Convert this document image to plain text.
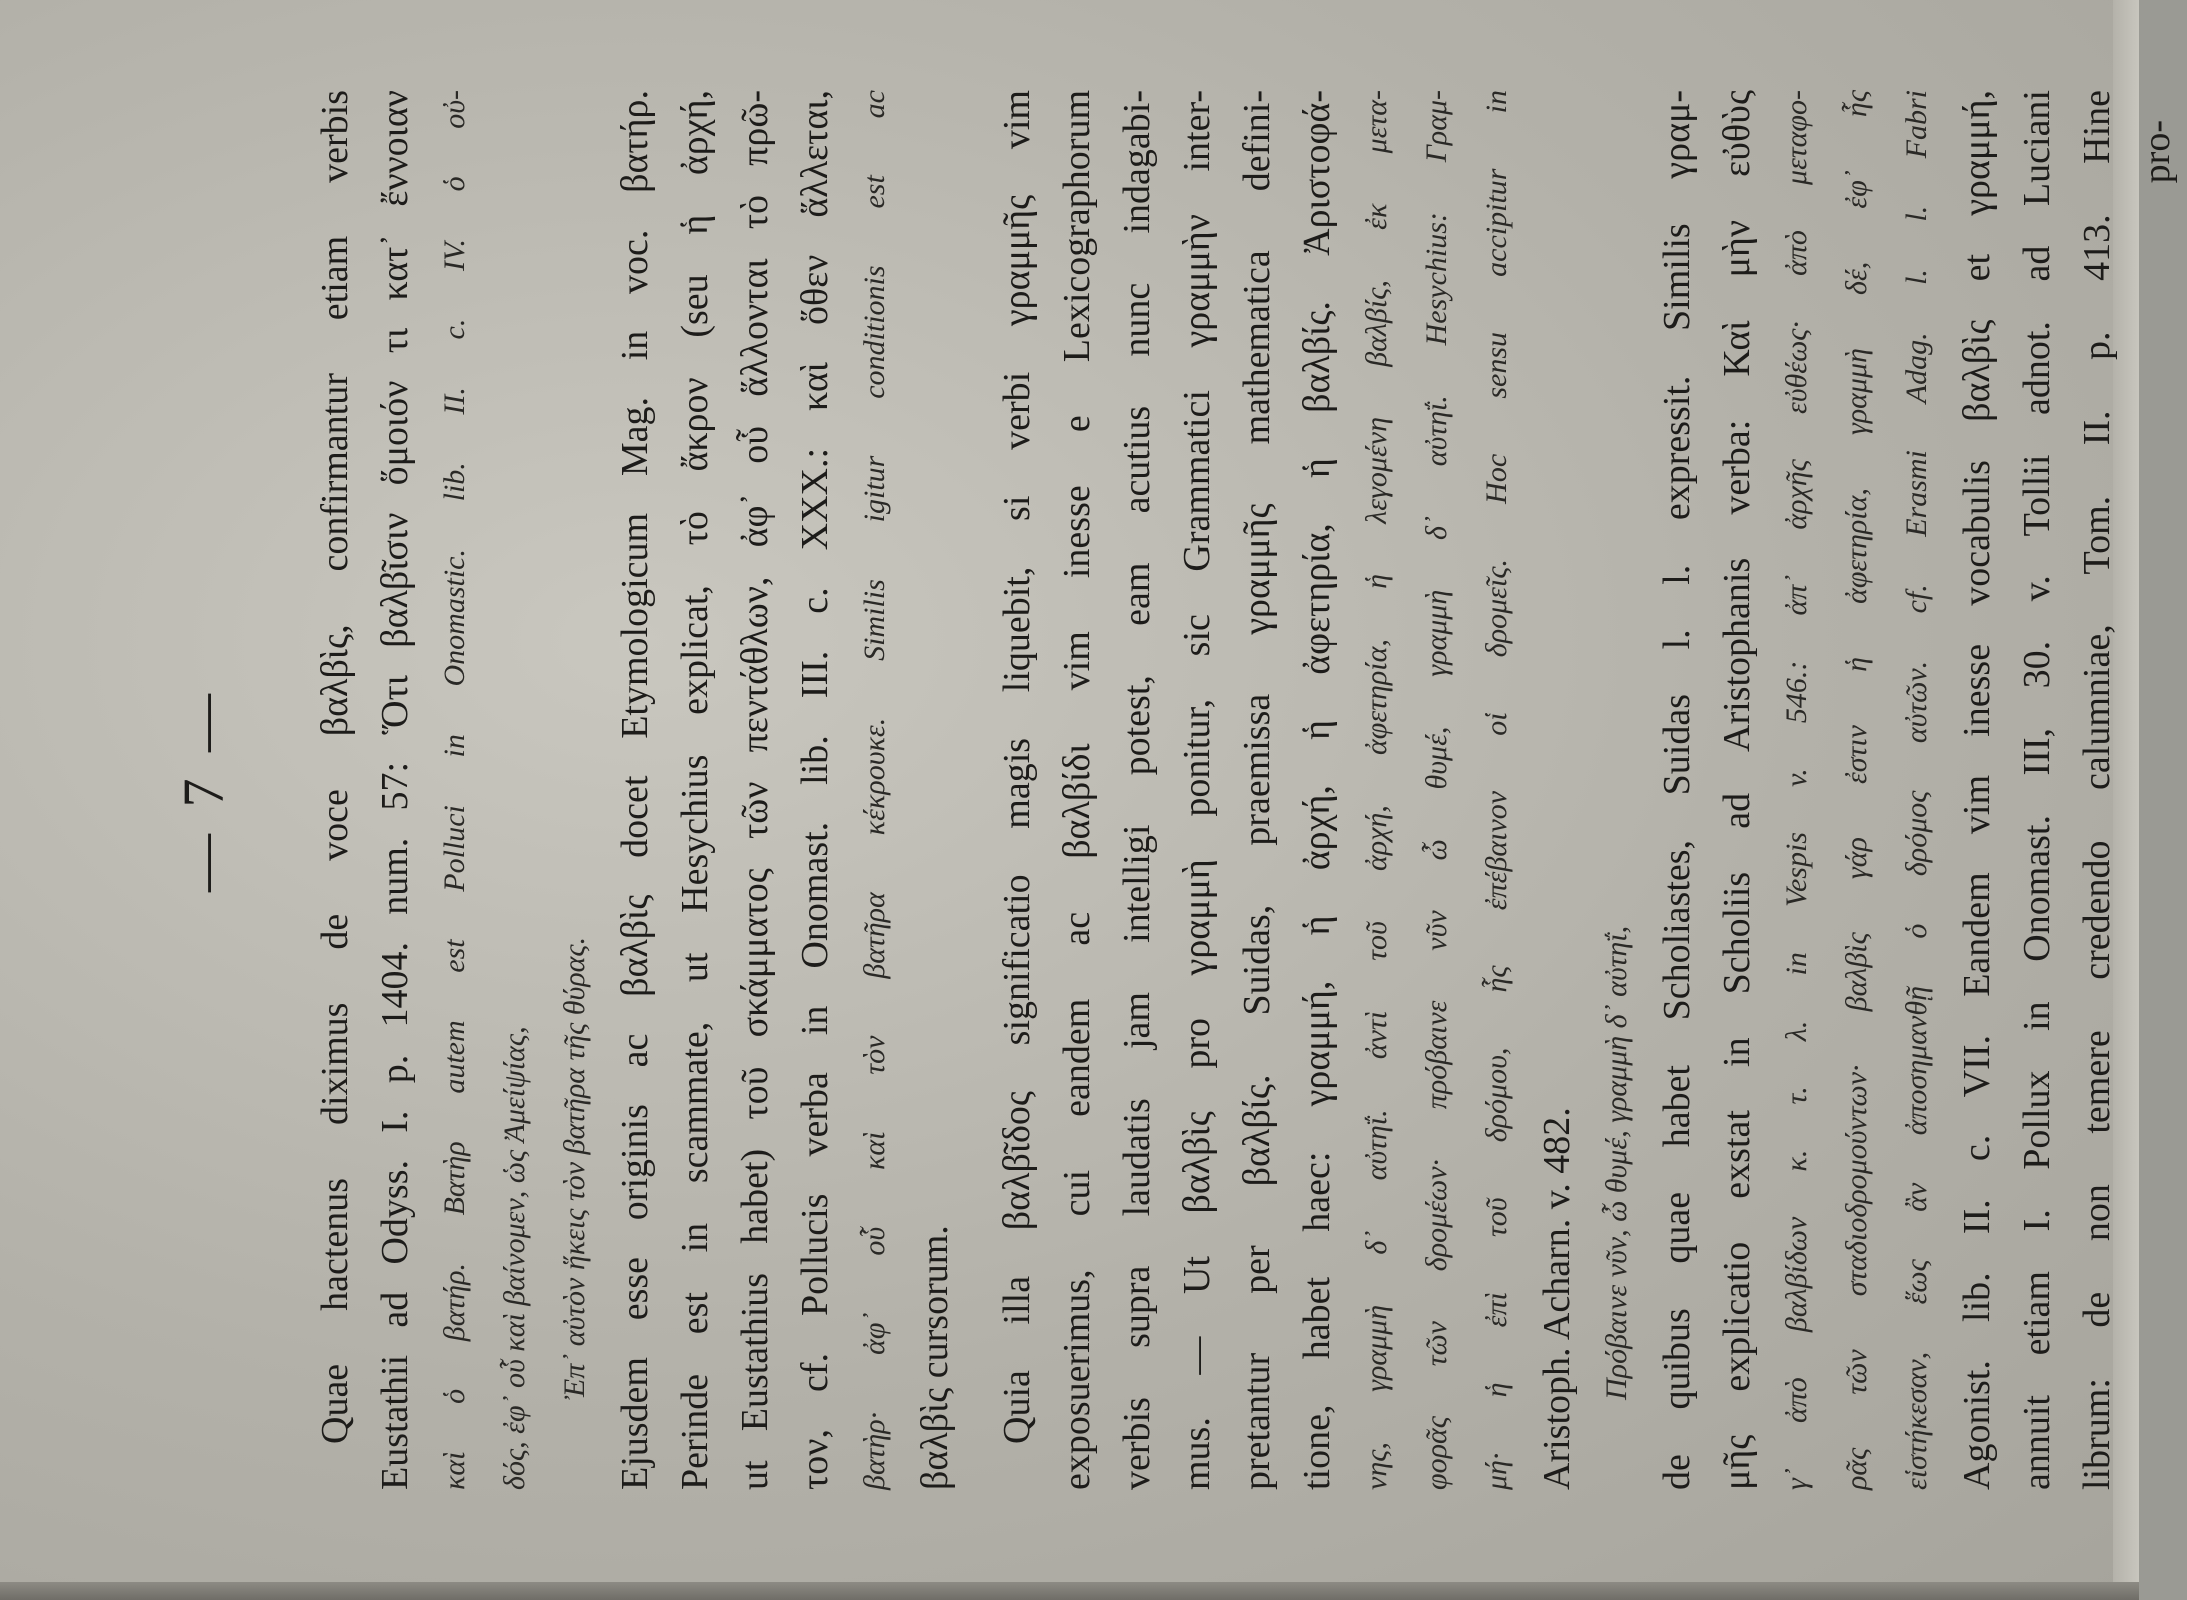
— 7 —	Quae hactenus diximus de voce βαλβὶς, confirmantur etiam verbis Eustathii ad Odyss. I. p. 1404. num. 57: Ὅτι βαλβῖσιν ὅμοιόν τι κατ᾽ ἔννοιαν καὶ ὁ βατήρ. Βατὴρ autem est Polluci in Onomastic. lib. II. c. IV. ὁ οὐ- δός, ἐφ᾽ οὗ καὶ βαίνομεν, ὡς Ἀμείψίας, Ἐπ᾽ αὐτὸν ἥκεις τὸν βατῆρα τῆς θύρας. Ejusdem esse originis ac βαλβὶς docet Etymologicum Mag. in voc. βατήρ. Perinde est in scammate, ut Hesychius explicat, τὸ ἄκρον (seu ἡ ἀρχή, ut Eustathius habet) τοῦ σκάμματος τῶν πεντάθλων, ἀφ᾽ οὗ ἅλλονται τὸ πρῶ- τον, cf. Pollucis verba in Onomast. lib. III. c. XXX.: καὶ ὅθεν ἅλλεται, βατὴρ· ἀφ᾽ οὗ καὶ τὸν βατῆρα κέκρουκε. Similis igitur conditionis est ac βαλβὶς cursorum. Quia illa βαλβῖδος significatio magis liquebit, si verbi γραμμῆς vim exposuerimus, cui eandem ac βαλβίδι vim inesse e Lexicographorum verbis supra laudatis jam intelligi potest, eam acutius nunc indagabi- mus. — Ut βαλβὶς pro γραμμὴ ponitur, sic Grammatici γραμμὴν inter- pretantur per βαλβίς. Suidas, praemissa γραμμῆς mathematica defini- tione, habet haec: γραμμή, ἡ ἀρχή, ἡ ἀφετηρία, ἡ βαλβίς. Ἀριστοφά- νης, γραμμὴ δ᾽ αὐτηΐ. ἀντὶ τοῦ ἀρχή, ἀφετηρία, ἡ λεγομένη βαλβίς, ἐκ μετα- φορᾶς τῶν δρομέων· πρόβαινε νῦν ὦ θυμέ, γραμμὴ δ᾽ αὐτηΐ. Hesychius: Γραμ- μή· ἡ ἐπὶ τοῦ δρόμου, ἧς ἐπέβαινον οἱ δρομεῖς. Hoc sensu accipitur in Aristoph. Acharn. v. 482. Πρόβαινε νῦν, ὦ θυμέ, γραμμὴ δ᾽ αὐτηΐ, de quibus quae habet Scholiastes, Suidas l. l. expressit. Similis γραμ- μῆς explicatio exstat in Scholiis ad Aristophanis verba: Καὶ μὴν εὐθὺς γ᾽ ἀπὸ βαλβίδων κ. τ. λ. in Vespis v. 546.: ἀπ᾽ ἀρχῆς εὐθέως· ἀπὸ μεταφο- ρᾶς τῶν σταδιοδρομούντων· βαλβὶς γάρ ἐστιν ἡ ἀφετηρία, γραμμὴ δέ, ἐφ᾽ ἧς εἱστήκεσαν, ἕως ἂν ἀποσημανθῇ ὁ δρόμος αὐτῶν. cf. Erasmi Adag. l. l. Fabri Agonist. lib. II. c. VII. Eandem vim inesse vocabulis βαλβὶς et γραμμή, annuit etiam I. Pollux in Onomast. III, 30. v. Tollii adnot. ad Luciani librum: de non temere credendo calumniae, Tom. II. p. 413. Hine pro-
